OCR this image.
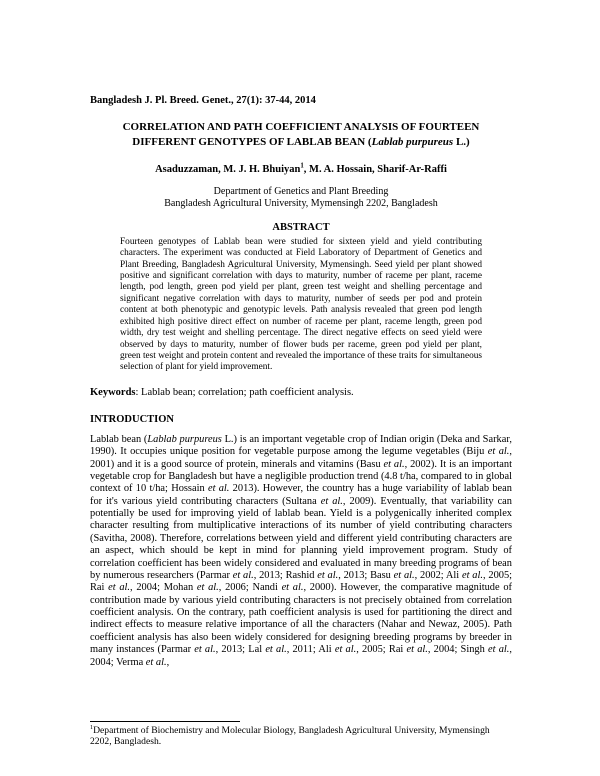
Bangladesh J. Pl. Breed. Genet., 27(1): 37-44, 2014
CORRELATION AND PATH COEFFICIENT ANALYSIS OF FOURTEEN DIFFERENT GENOTYPES OF LABLAB BEAN (Lablab purpureus L.)
Asaduzzaman, M. J. H. Bhuiyan$^1$, M. A. Hossain, Sharif-Ar-Raffi
Department of Genetics and Plant Breeding
Bangladesh Agricultural University, Mymensingh 2202, Bangladesh
ABSTRACT

Fourteen genotypes of Lablab bean were studied for sixteen yield and yield contributing characters. The experiment was conducted at Field Laboratory of Department of Genetics and Plant Breeding, Bangladesh Agricultural University, Mymensingh. Seed yield per plant showed positive and significant correlation with days to maturity, number of raceme per plant, raceme length, pod length, green pod yield per plant, green test weight and shelling percentage and significant negative correlation with days to maturity, number of seeds per pod and protein content at both phenotypic and genotypic levels. Path analysis revealed that green pod length exhibited high positive direct effect on number of raceme per plant, raceme length, green pod width, dry test weight and shelling percentage. The direct negative effects on seed yield were observed by days to maturity, number of flower buds per raceme, green pod yield per plant, green test weight and protein content and revealed the importance of these traits for simultaneous selection of plant for yield improvement.

Keywords: Lablab bean; correlation; path coefficient analysis.

INTRODUCTION

Lablab bean (Lablab purpureus L.) is an important vegetable crop of Indian origin (Deka and Sarkar, 1990). It occupies unique position for vegetable purpose among the legume vegetables (Biju et al., 2001) and it is a good source of protein, minerals and vitamins (Basu et al., 2002). It is an important vegetable crop for Bangladesh but have a negligible production trend (4.8 t/ha, compared to in global context of 10 t/ha; Hossain et al. 2013). However, the country has a huge variability of lablab bean for it's various yield contributing characters (Sultana et al., 2009). Eventually, that variability can potentially be used for improving yield of lablab bean. Yield is a polygenically inherited complex character resulting from multiplicative interactions of its number of yield contributing characters (Savitha, 2008). Therefore, correlations between yield and different yield contributing characters are an aspect, which should be kept in mind for planning yield improvement program. Study of correlation coefficient has been widely considered and evaluated in many breeding programs of bean by numerous researchers (Parmar et al., 2013; Rashid et al., 2013; Basu et al., 2002; Ali et al., 2005; Rai et al., 2004; Mohan et al., 2006; Nandi et al., 2000). However, the comparative magnitude of contribution made by various yield contributing characters is not precisely obtained from correlation coefficient analysis. On the contrary, path coefficient analysis is used for partitioning the direct and indirect effects to measure relative importance of all the characters (Nahar and Newaz, 2005). Path coefficient analysis has also been widely considered for designing breeding programs by breeder in many instances (Parmar et al., 2013; Lal et al., 2011; Ali et al., 2005; Rai et al., 2004; Singh et al., 2004; Verma et al.,

$^1$Department of Biochemistry and Molecular Biology, Bangladesh Agricultural University, Mymensingh 2202, Bangladesh.
